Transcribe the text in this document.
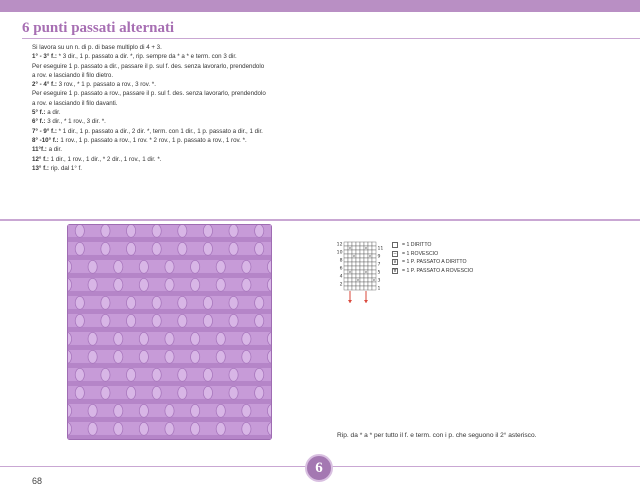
6 punti passati alternati

Si lavora su un n. di p. di base multiplo di 4 + 3.

1° - 3° f.: * 3 dir., 1 p. passato a dir. *, rip. sempre da * a * e term. con 3 dir.

Per eseguire 1 p. passato a dir., passare il p. sul f. des. senza lavorarlo, prendendolo

a rov. e lasciando il filo dietro.

2° - 4° f.: 3 rov., * 1 p. passato a rov., 3 rov. *.

Per eseguire 1 p. passato a rov., passare il p. sul f. des. senza lavorarlo, prendendolo

a rov. e lasciando il filo davanti.

5° f.: a dir.

6° f.: 3 dir., * 1 rov., 3 dir. *.

7° - 9° f.: * 1 dir., 1 p. passato a dir., 2 dir. *, term. con 1 dir., 1 p. passato a dir., 1 dir.

8° -10° f.: 1 rov., 1 p. passato a rov., 1 rov. * 2 rov., 1 p. passato a rov., 1 rov. *.

11°f.: a dir.

12° f.: 1 dir., 1 rov., 1 dir., * 2 dir., 1 rov., 1 dir. *.

13° f.: rip. dal 1° f.

v	v
v	v
v	v
v	v
12
10
8
6
4
2
11
9
7
5
3
1
= 1 DIRITTO
–	= 1 ROVESCIO
∨ = 1 P. PASSATO A DIRITTO
∀ = 1 P. PASSATO A ROVESCIO
Rip. da * a * per tutto il f. e term. con i p. che seguono il 2° asterisco.
6
68
